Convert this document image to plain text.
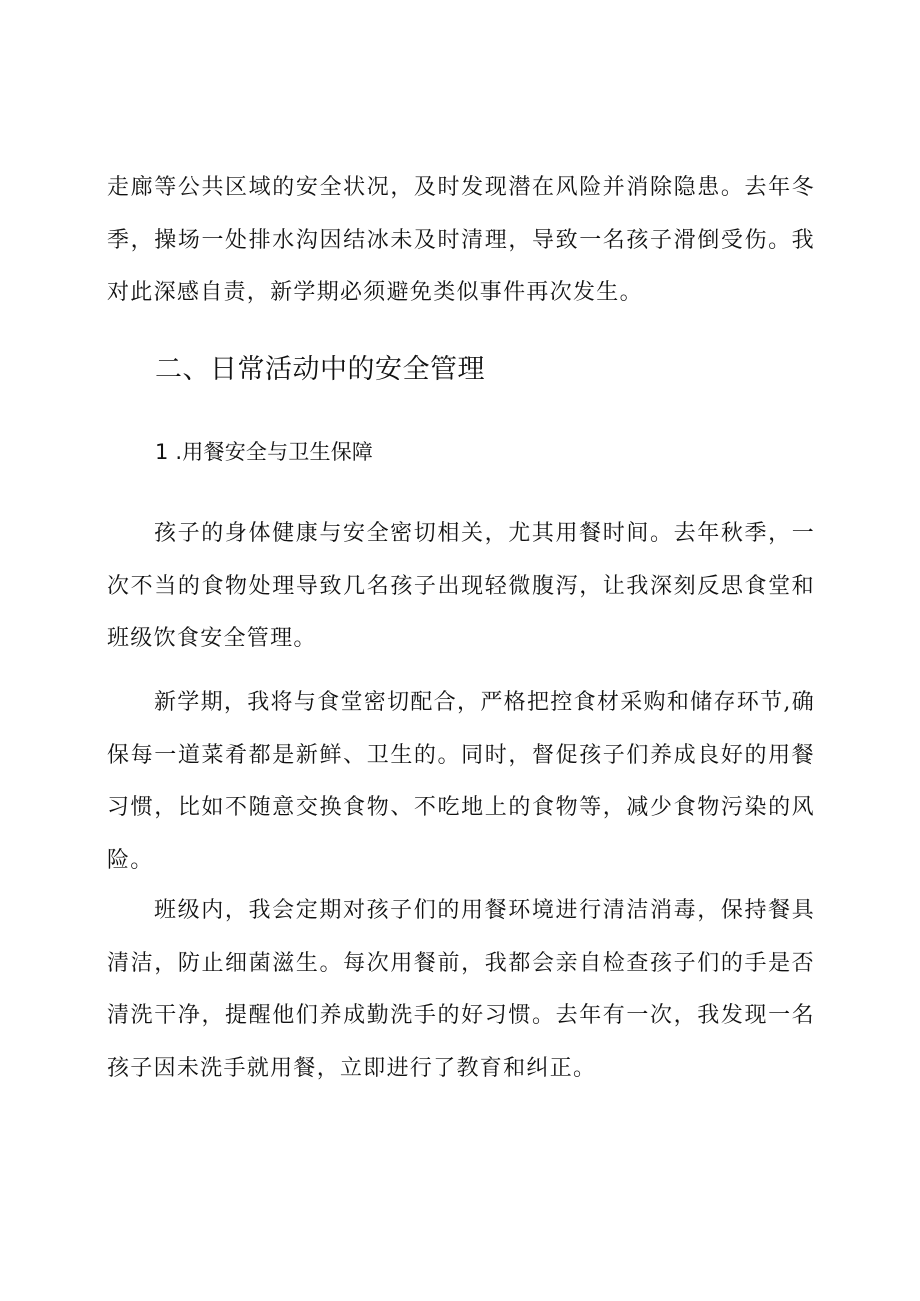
走廊等公共区域的安全状况，及时发现潜在风险并消除隐患。去年冬季，操场一处排水沟因结冰未及时清理，导致一名孩子滑倒受伤。我对此深感自责，新学期必须避免类似事件再次发生。

二、日常活动中的安全管理
1 .用餐安全与卫生保障

孩子的身体健康与安全密切相关，尤其用餐时间。去年秋季，一次不当的食物处理导致几名孩子出现轻微腹泻，让我深刻反思食堂和班级饮食安全管理。

新学期，我将与食堂密切配合，严格把控食材采购和储存环节,确保每一道菜肴都是新鲜、卫生的。同时，督促孩子们养成良好的用餐习惯，比如不随意交换食物、不吃地上的食物等，减少食物污染的风险。

班级内，我会定期对孩子们的用餐环境进行清洁消毒，保持餐具清洁，防止细菌滋生。每次用餐前，我都会亲自检查孩子们的手是否清洗干净，提醒他们养成勤洗手的好习惯。去年有一次，我发现一名孩子因未洗手就用餐，立即进行了教育和纠正。
